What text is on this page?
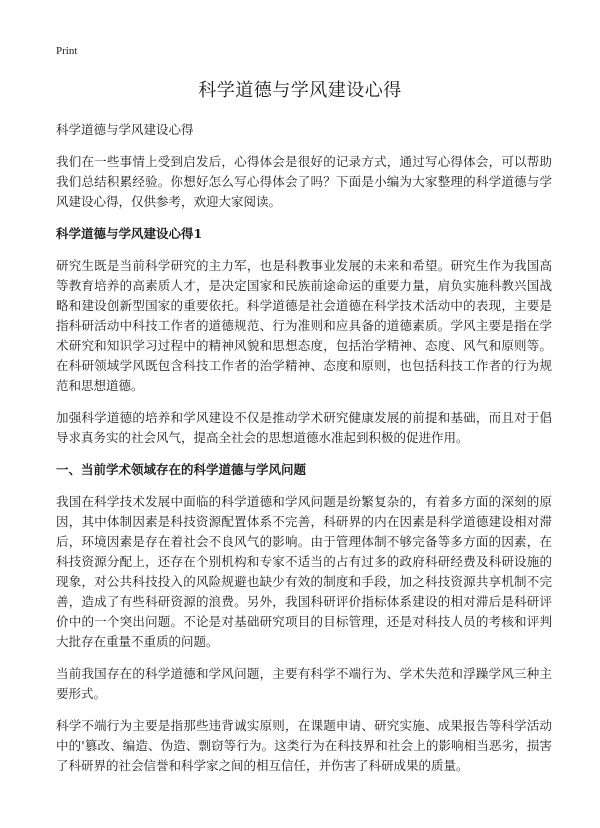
Print
科学道德与学风建设心得

科学道德与学风建设心得

我们在一些事情上受到启发后，心得体会是很好的记录方式，通过写心得体会，可以帮助我们总结积累经验。你想好怎么写心得体会了吗？下面是小编为大家整理的科学道德与学风建设心得，仅供参考，欢迎大家阅读。

科学道德与学风建设心得1

研究生既是当前科学研究的主力军，也是科教事业发展的未来和希望。研究生作为我国高等教育培养的高素质人才，是决定国家和民族前途命运的重要力量，肩负实施科教兴国战略和建设创新型国家的重要依托。科学道德是社会道德在科学技术活动中的表现，主要是指科研活动中科技工作者的道德规范、行为准则和应具备的道德素质。学风主要是指在学术研究和知识学习过程中的精神风貌和思想态度，包括治学精神、态度、风气和原则等。在科研领域学风既包含科技工作者的治学精神、态度和原则，也包括科技工作者的行为规范和思想道德。

加强科学道德的培养和学风建设不仅是推动学术研究健康发展的前提和基础，而且对于倡导求真务实的社会风气，提高全社会的思想道德水准起到积极的促进作用。

一、当前学术领域存在的科学道德与学风问题

我国在科学技术发展中面临的科学道德和学风问题是纷繁复杂的，有着多方面的深刻的原因，其中体制因素是科技资源配置体系不完善，科研界的内在因素是科学道德建设相对滞后，环境因素是存在着社会不良风气的影响。由于管理体制不够完备等多方面的因素，在科技资源分配上，还存在个别机构和专家不适当的占有过多的政府科研经费及科研设施的现象，对公共科技投入的风险规避也缺少有效的制度和手段，加之科技资源共享机制不完善，造成了有些科研资源的浪费。另外，我国科研评价指标体系建设的相对滞后是科研评价中的一个突出问题。不论是对基础研究项目的目标管理，还是对科技人员的考核和评判大批存在重量不重质的问题。

当前我国存在的科学道德和学风问题，主要有科学不端行为、学术失范和浮躁学风三种主要形式。

科学不端行为主要是指那些违背诚实原则，在课题申请、研究实施、成果报告等科学活动中的'篡改、编造、伪造、剽窃等行为。这类行为在科技界和社会上的影响相当恶劣，损害了科研界的社会信誉和科学家之间的相互信任，并伤害了科研成果的质量。
